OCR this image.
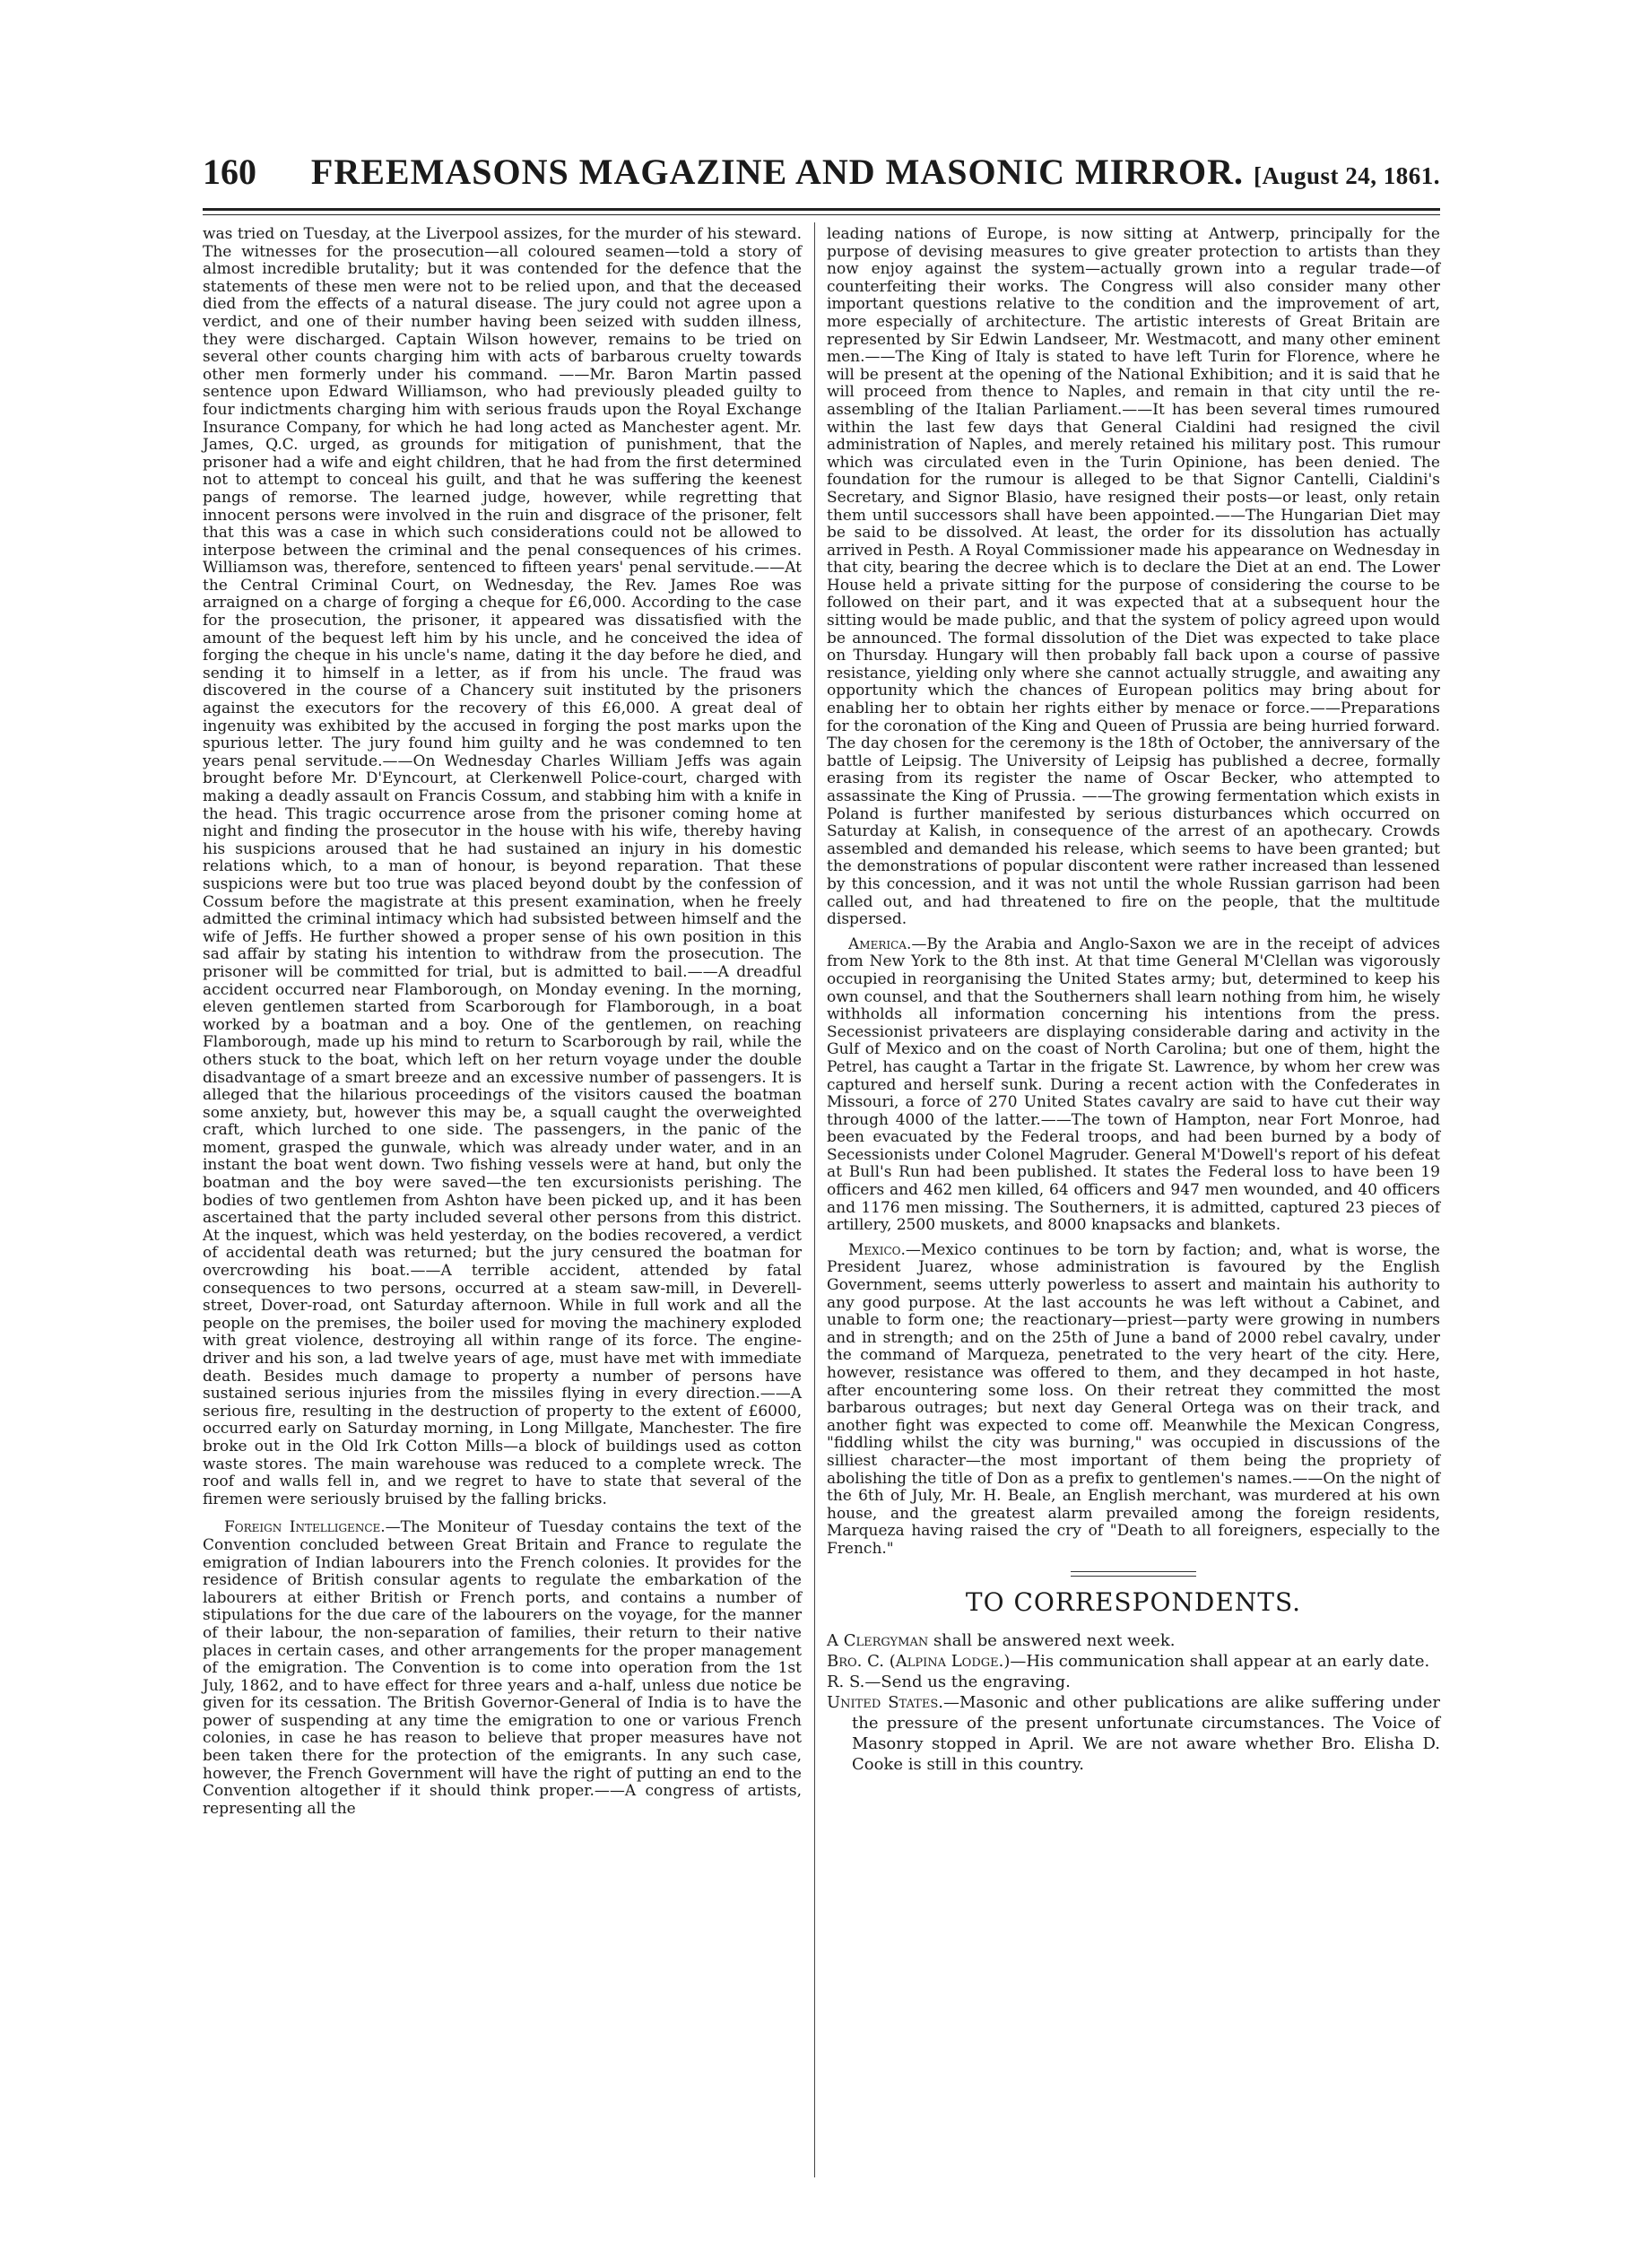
160	FREEMASONS MAGAZINE AND MASONIC MIRROR. [August 24, 1861.

was tried on Tuesday, at the Liverpool assizes, for the murder of his steward. The witnesses for the prosecution—all coloured seamen—told a story of almost incredible brutality; but it was contended for the defence that the statements of these men were not to be relied upon, and that the deceased died from the effects of a natural disease. The jury could not agree upon a verdict, and one of their number having been seized with sudden illness, they were discharged. Captain Wilson however, remains to be tried on several other counts charging him with acts of barbarous cruelty towards other men formerly under his command. ——Mr. Baron Martin passed sentence upon Edward Williamson, who had previously pleaded guilty to four indictments charging him with serious frauds upon the Royal Exchange Insurance Company, for which he had long acted as Manchester agent. Mr. James, Q.C. urged, as grounds for mitigation of punishment, that the prisoner had a wife and eight children, that he had from the first determined not to attempt to conceal his guilt, and that he was suffering the keenest pangs of remorse. The learned judge, however, while regretting that innocent persons were involved in the ruin and disgrace of the prisoner, felt that this was a case in which such considerations could not be allowed to interpose between the criminal and the penal consequences of his crimes. Williamson was, therefore, sentenced to fifteen years' penal servitude.——At the Central Criminal Court, on Wednesday, the Rev. James Roe was arraigned on a charge of forging a cheque for £6,000. According to the case for the prosecution, the prisoner, it appeared was dissatisfied with the amount of the bequest left him by his uncle, and he conceived the idea of forging the cheque in his uncle's name, dating it the day before he died, and sending it to himself in a letter, as if from his uncle. The fraud was discovered in the course of a Chancery suit instituted by the prisoners against the executors for the recovery of this £6,000. A great deal of ingenuity was exhibited by the accused in forging the post marks upon the spurious letter. The jury found him guilty and he was condemned to ten years penal servitude.——On Wednesday Charles William Jeffs was again brought before Mr. D'Eyncourt, at Clerkenwell Police-court, charged with making a deadly assault on Francis Cossum, and stabbing him with a knife in the head. This tragic occurrence arose from the prisoner coming home at night and finding the prosecutor in the house with his wife, thereby having his suspicions aroused that he had sustained an injury in his domestic relations which, to a man of honour, is beyond reparation. That these suspicions were but too true was placed beyond doubt by the confession of Cossum before the magistrate at this present examination, when he freely admitted the criminal intimacy which had subsisted between himself and the wife of Jeffs. He further showed a proper sense of his own position in this sad affair by stating his intention to withdraw from the prosecution. The prisoner will be committed for trial, but is admitted to bail.——A dreadful accident occurred near Flamborough, on Monday evening. In the morning, eleven gentlemen started from Scarborough for Flamborough, in a boat worked by a boatman and a boy. One of the gentlemen, on reaching Flamborough, made up his mind to return to Scarborough by rail, while the others stuck to the boat, which left on her return voyage under the double disadvantage of a smart breeze and an excessive number of passengers. It is alleged that the hilarious proceedings of the visitors caused the boatman some anxiety, but, however this may be, a squall caught the overweighted craft, which lurched to one side. The passengers, in the panic of the moment, grasped the gunwale, which was already under water, and in an instant the boat went down. Two fishing vessels were at hand, but only the boatman and the boy were saved—the ten excursionists perishing. The bodies of two gentlemen from Ashton have been picked up, and it has been ascertained that the party included several other persons from this district. At the inquest, which was held yesterday, on the bodies recovered, a verdict of accidental death was returned; but the jury censured the boatman for overcrowding his boat.——A terrible accident, attended by fatal consequences to two persons, occurred at a steam saw-mill, in Deverell-street, Dover-road, ont Saturday afternoon. While in full work and all the people on the premises, the boiler used for moving the machinery exploded with great violence, destroying all within range of its force. The engine-driver and his son, a lad twelve years of age, must have met with immediate death. Besides much damage to property a number of persons have sustained serious injuries from the missiles flying in every direction.——A serious fire, resulting in the destruction of property to the extent of £6000, occurred early on Saturday morning, in Long Millgate, Manchester. The fire broke out in the Old Irk Cotton Mills—a block of buildings used as cotton waste stores. The main warehouse was reduced to a complete wreck. The roof and walls fell in, and we regret to have to state that several of the firemen were seriously bruised by the falling bricks.

Foreign Intelligence.—The Moniteur of Tuesday contains the text of the Convention concluded between Great Britain and France to regulate the emigration of Indian labourers into the French colonies. It provides for the residence of British consular agents to regulate the embarkation of the labourers at either British or French ports, and contains a number of stipulations for the due care of the labourers on the voyage, for the manner of their labour, the non-separation of families, their return to their native places in certain cases, and other arrangements for the proper management of the emigration. The Convention is to come into operation from the 1st July, 1862, and to have effect for three years and a-half, unless due notice be given for its cessation. The British Governor-General of India is to have the power of suspending at any time the emigration to one or various French colonies, in case he has reason to believe that proper measures have not been taken there for the protection of the emigrants. In any such case, however, the French Government will have the right of putting an end to the Convention altogether if it should think proper.——A congress of artists, representing all the

leading nations of Europe, is now sitting at Antwerp, principally for the purpose of devising measures to give greater protection to artists than they now enjoy against the system—actually grown into a regular trade—of counterfeiting their works. The Congress will also consider many other important questions relative to the condition and the improvement of art, more especially of architecture. The artistic interests of Great Britain are represented by Sir Edwin Landseer, Mr. Westmacott, and many other eminent men.——The King of Italy is stated to have left Turin for Florence, where he will be present at the opening of the National Exhibition; and it is said that he will proceed from thence to Naples, and remain in that city until the re-assembling of the Italian Parliament.——It has been several times rumoured within the last few days that General Cialdini had resigned the civil administration of Naples, and merely retained his military post. This rumour which was circulated even in the Turin Opinione, has been denied. The foundation for the rumour is alleged to be that Signor Cantelli, Cialdini's Secretary, and Signor Blasio, have resigned their posts—or least, only retain them until successors shall have been appointed.——The Hungarian Diet may be said to be dissolved. At least, the order for its dissolution has actually arrived in Pesth. A Royal Commissioner made his appearance on Wednesday in that city, bearing the decree which is to declare the Diet at an end. The Lower House held a private sitting for the purpose of considering the course to be followed on their part, and it was expected that at a subsequent hour the sitting would be made public, and that the system of policy agreed upon would be announced. The formal dissolution of the Diet was expected to take place on Thursday. Hungary will then probably fall back upon a course of passive resistance, yielding only where she cannot actually struggle, and awaiting any opportunity which the chances of European politics may bring about for enabling her to obtain her rights either by menace or force.——Preparations for the coronation of the King and Queen of Prussia are being hurried forward. The day chosen for the ceremony is the 18th of October, the anniversary of the battle of Leipsig. The University of Leipsig has published a decree, formally erasing from its register the name of Oscar Becker, who attempted to assassinate the King of Prussia. ——The growing fermentation which exists in Poland is further manifested by serious disturbances which occurred on Saturday at Kalish, in consequence of the arrest of an apothecary. Crowds assembled and demanded his release, which seems to have been granted; but the demonstrations of popular discontent were rather increased than lessened by this concession, and it was not until the whole Russian garrison had been called out, and had threatened to fire on the people, that the multitude dispersed.

America.—By the Arabia and Anglo-Saxon we are in the receipt of advices from New York to the 8th inst. At that time General M'Clellan was vigorously occupied in reorganising the United States army; but, determined to keep his own counsel, and that the Southerners shall learn nothing from him, he wisely withholds all information concerning his intentions from the press. Secessionist privateers are displaying considerable daring and activity in the Gulf of Mexico and on the coast of North Carolina; but one of them, hight the Petrel, has caught a Tartar in the frigate St. Lawrence, by whom her crew was captured and herself sunk. During a recent action with the Confederates in Missouri, a force of 270 United States cavalry are said to have cut their way through 4000 of the latter.——The town of Hampton, near Fort Monroe, had been evacuated by the Federal troops, and had been burned by a body of Secessionists under Colonel Magruder. General M'Dowell's report of his defeat at Bull's Run had been published. It states the Federal loss to have been 19 officers and 462 men killed, 64 officers and 947 men wounded, and 40 officers and 1176 men missing. The Southerners, it is admitted, captured 23 pieces of artillery, 2500 muskets, and 8000 knapsacks and blankets.

Mexico.—Mexico continues to be torn by faction; and, what is worse, the President Juarez, whose administration is favoured by the English Government, seems utterly powerless to assert and maintain his authority to any good purpose. At the last accounts he was left without a Cabinet, and unable to form one; the reactionary—priest—party were growing in numbers and in strength; and on the 25th of June a band of 2000 rebel cavalry, under the command of Marqueza, penetrated to the very heart of the city. Here, however, resistance was offered to them, and they decamped in hot haste, after encountering some loss. On their retreat they committed the most barbarous outrages; but next day General Ortega was on their track, and another fight was expected to come off. Meanwhile the Mexican Congress, "fiddling whilst the city was burning," was occupied in discussions of the silliest character—the most important of them being the propriety of abolishing the title of Don as a prefix to gentlemen's names.——On the night of the 6th of July, Mr. H. Beale, an English merchant, was murdered at his own house, and the greatest alarm prevailed among the foreign residents, Marqueza having raised the cry of "Death to all foreigners, especially to the French."

TO CORRESPONDENTS.

A Clergyman shall be answered next week.

Bro. C. (Alpina Lodge.)—His communication shall appear at an early date.

R. S.—Send us the engraving.

United States.—Masonic and other publications are alike suffering under the pressure of the present unfortunate circumstances. The Voice of Masonry stopped in April. We are not aware whether Bro. Elisha D. Cooke is still in this country.
